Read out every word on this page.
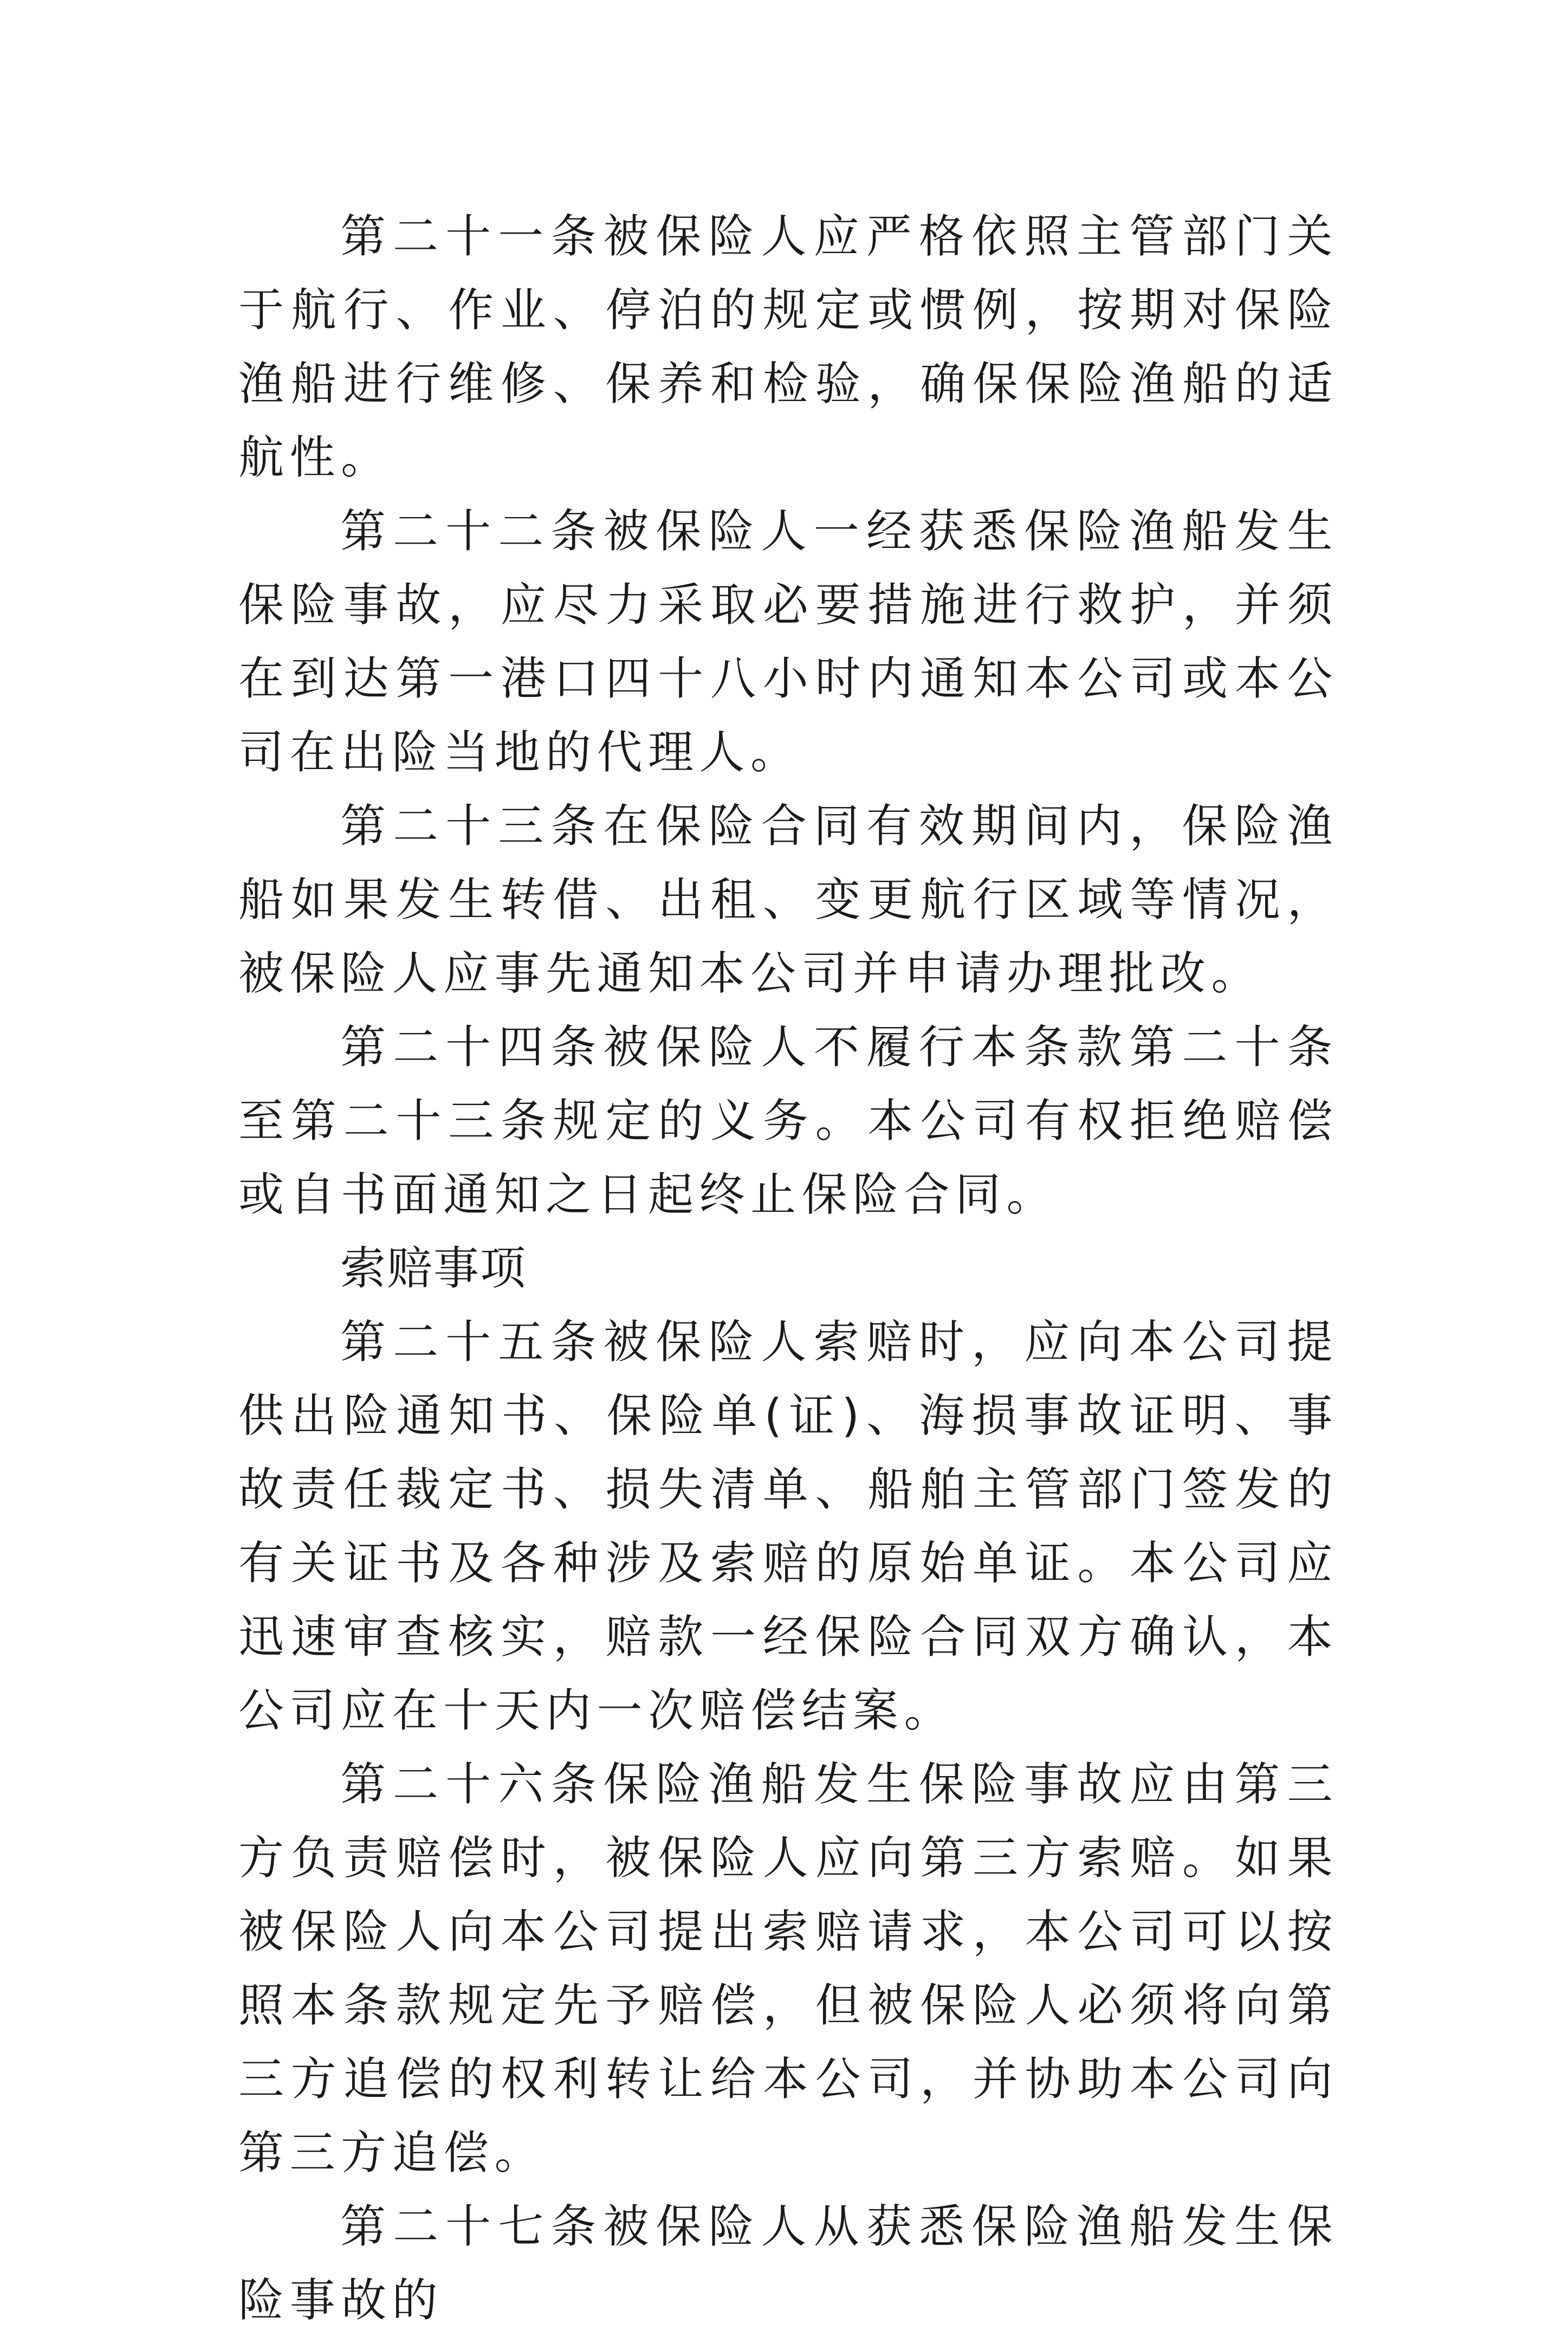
第二十一条被保险人应严格依照主管部门关于航行、作业、停泊的规定或惯例，按期对保险渔船进行维修、保养和检验，确保保险渔船的适航性。

第二十二条被保险人一经获悉保险渔船发生保险事故，应尽力采取必要措施进行救护，并须在到达第一港口四十八小时内通知本公司或本公司在出险当地的代理人。

第二十三条在保险合同有效期间内，保险渔船如果发生转借、出租、变更航行区域等情况，被保险人应事先通知本公司并申请办理批改。

第二十四条被保险人不履行本条款第二十条至第二十三条规定的义务。本公司有权拒绝赔偿或自书面通知之日起终止保险合同。

索赔事项

第二十五条被保险人索赔时，应向本公司提供出险通知书、保险单(证)、海损事故证明、事故责任裁定书、损失清单、船舶主管部门签发的有关证书及各种涉及索赔的原始单证。本公司应迅速审查核实，赔款一经保险合同双方确认，本公司应在十天内一次赔偿结案。

第二十六条保险渔船发生保险事故应由第三方负责赔偿时，被保险人应向第三方索赔。如果被保险人向本公司提出索赔请求，本公司可以按照本条款规定先予赔偿，但被保险人必须将向第三方追偿的权利转让给本公司，并协助本公司向第三方追偿。

第二十七条被保险人从获悉保险渔船发生保险事故的
